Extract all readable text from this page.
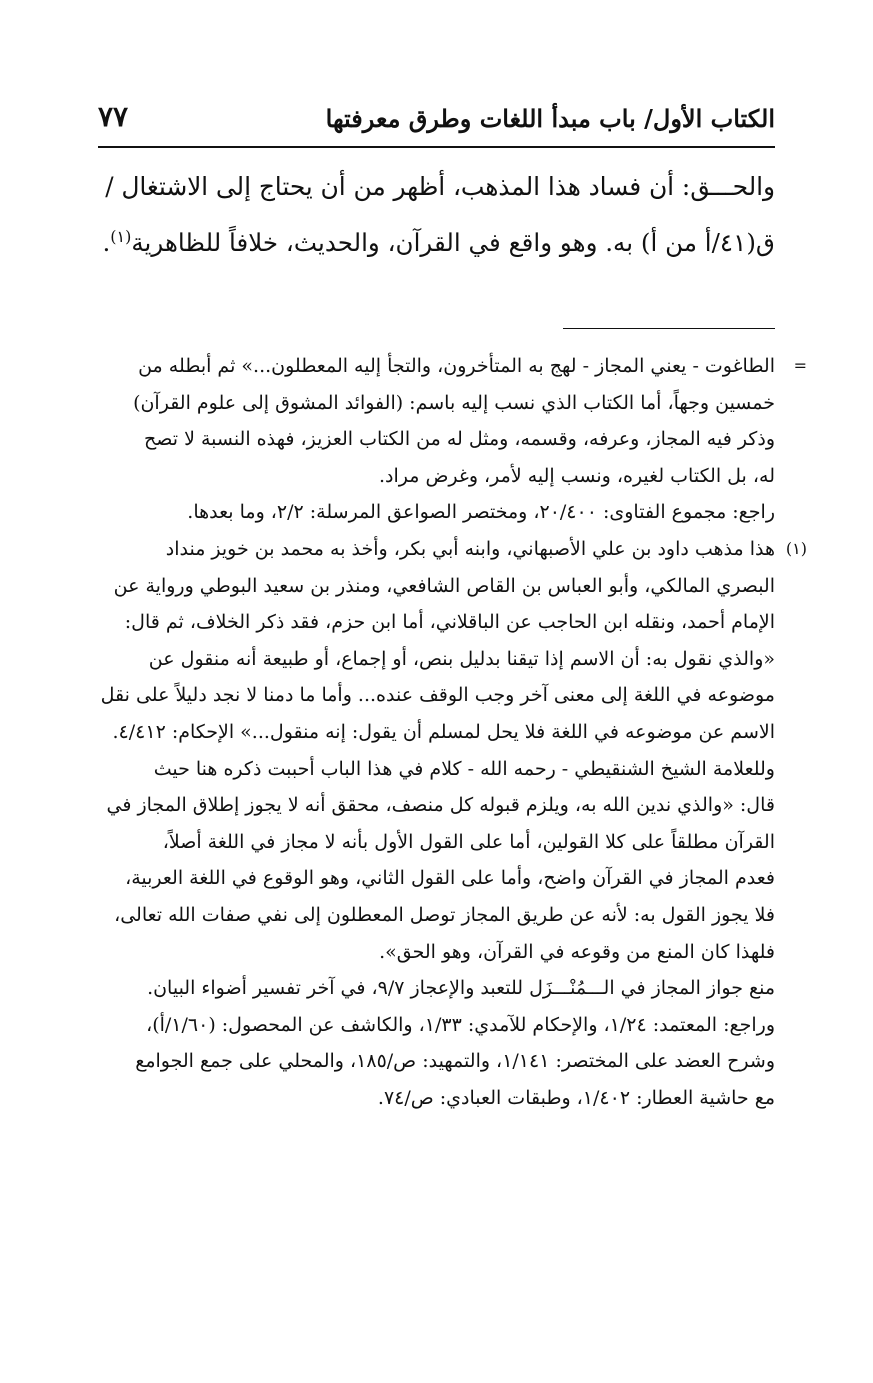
الكتاب الأول/ باب مبدأ اللغات وطرق معرفتها
٧٧

والحـــق: أن فساد هذا المذهب، أظهر من أن يحتاج إلى الاشتغال /

ق(٤١/أ من أ) به. وهو واقع في القرآن، والحديث، خلافاً للظاهرية$^{(١)}$.

=
الطاغوت - يعني المجاز - لهج به المتأخرون، والتجأ إليه المعطلون...» ثم أبطله من

خمسين وجهاً، أما الكتاب الذي نسب إليه باسم: (الفوائد المشوق إلى علوم القرآن)

وذكر فيه المجاز، وعرفه، وقسمه، ومثل له من الكتاب العزيز، فهذه النسبة لا تصح

له، بل الكتاب لغيره، ونسب إليه لأمر، وغرض مراد.

راجع: مجموع الفتاوى: ٢٠/٤٠٠، ومختصر الصواعق المرسلة: ٢/٢، وما بعدها.

(١)
هذا مذهب داود بن علي الأصبهاني، وابنه أبي بكر، وأخذ به محمد بن خويز منداد

البصري المالكي، وأبو العباس بن القاص الشافعي، ومنذر بن سعيد البوطي ورواية عن

الإمام أحمد، ونقله ابن الحاجب عن الباقلاني، أما ابن حزم، فقد ذكر الخلاف، ثم قال:

«والذي نقول به: أن الاسم إذا تيقنا بدليل بنص، أو إجماع، أو طبيعة أنه منقول عن

موضوعه في اللغة إلى معنى آخر وجب الوقف عنده... وأما ما دمنا لا نجد دليلاً على نقل

الاسم عن موضوعه في اللغة فلا يحل لمسلم أن يقول: إنه منقول...» الإحكام: ٤/٤١٢.

وللعلامة الشيخ الشنقيطي - رحمه الله - كلام في هذا الباب أحببت ذكره هنا حيث

قال: «والذي ندين الله به، ويلزم قبوله كل منصف، محقق أنه لا يجوز إطلاق المجاز في

القرآن مطلقاً على كلا القولين، أما على القول الأول بأنه لا مجاز في اللغة أصلاً،

فعدم المجاز في القرآن واضح، وأما على القول الثاني، وهو الوقوع في اللغة العربية،

فلا يجوز القول به: لأنه عن طريق المجاز توصل المعطلون إلى نفي صفات الله تعالى،

فلهذا كان المنع من وقوعه في القرآن، وهو الحق».

منع جواز المجاز في الـــمُنْـــزَل للتعبد والإعجاز ٩/٧، في آخر تفسير أضواء البيان.

وراجع: المعتمد: ١/٢٤، والإحكام للآمدي: ١/٣٣، والكاشف عن المحصول: (١/٦٠/أ)،

وشرح العضد على المختصر: ١/١٤١، والتمهيد: ص/١٨٥، والمحلي على جمع الجوامع

مع حاشية العطار: ١/٤٠٢، وطبقات العبادي: ص/٧٤.
